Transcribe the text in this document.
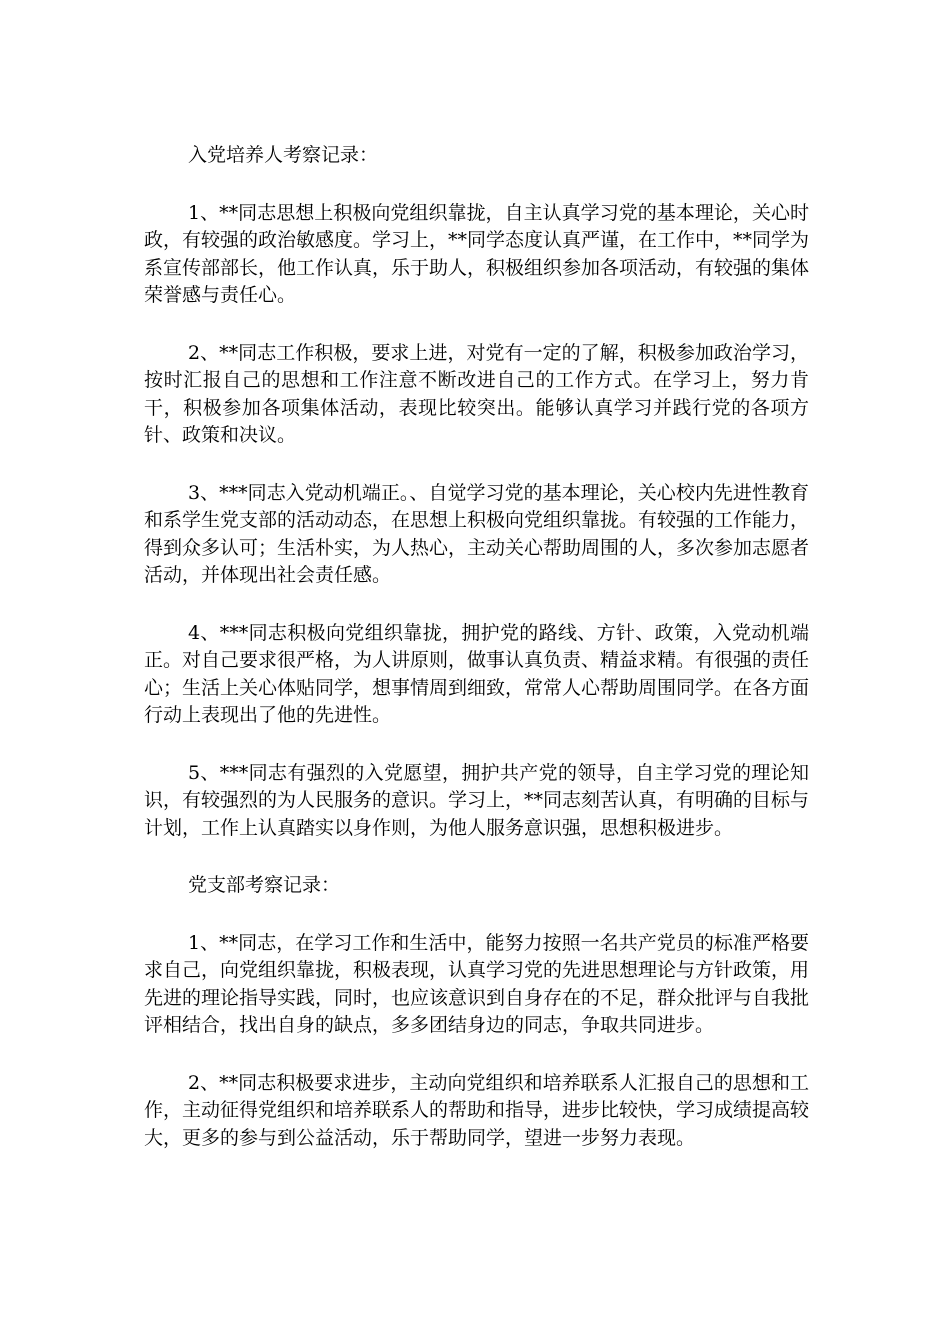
入党培养人考察记录：

1、**同志思想上积极向党组织靠拢，自主认真学习党的基本理论，关心时政，有较强的政治敏感度。学习上，**同学态度认真严谨，在工作中，**同学为系宣传部部长，他工作认真，乐于助人，积极组织参加各项活动，有较强的集体荣誉感与责任心。

2、**同志工作积极，要求上进，对党有一定的了解，积极参加政治学习，按时汇报自己的思想和工作注意不断改进自己的工作方式。在学习上，努力肯干，积极参加各项集体活动，表现比较突出。能够认真学习并践行党的各项方针、政策和决议。

3、***同志入党动机端正。、自觉学习党的基本理论，关心校内先进性教育和系学生党支部的活动动态，在思想上积极向党组织靠拢。有较强的工作能力，得到众多认可；生活朴实，为人热心，主动关心帮助周围的人，多次参加志愿者活动，并体现出社会责任感。

4、***同志积极向党组织靠拢，拥护党的路线、方针、政策，入党动机端正。对自己要求很严格，为人讲原则，做事认真负责、精益求精。有很强的责任心；生活上关心体贴同学，想事情周到细致，常常人心帮助周围同学。在各方面行动上表现出了他的先进性。

5、***同志有强烈的入党愿望，拥护共产党的领导，自主学习党的理论知识，有较强烈的为人民服务的意识。学习上，**同志刻苦认真，有明确的目标与计划，工作上认真踏实以身作则，为他人服务意识强，思想积极进步。

党支部考察记录：

1、**同志，在学习工作和生活中，能努力按照一名共产党员的标准严格要求自己，向党组织靠拢，积极表现，认真学习党的先进思想理论与方针政策，用先进的理论指导实践，同时，也应该意识到自身存在的不足，群众批评与自我批评相结合，找出自身的缺点，多多团结身边的同志，争取共同进步。

2、**同志积极要求进步，主动向党组织和培养联系人汇报自己的思想和工作，主动征得党组织和培养联系人的帮助和指导，进步比较快，学习成绩提高较大，更多的参与到公益活动，乐于帮助同学，望进一步努力表现。
